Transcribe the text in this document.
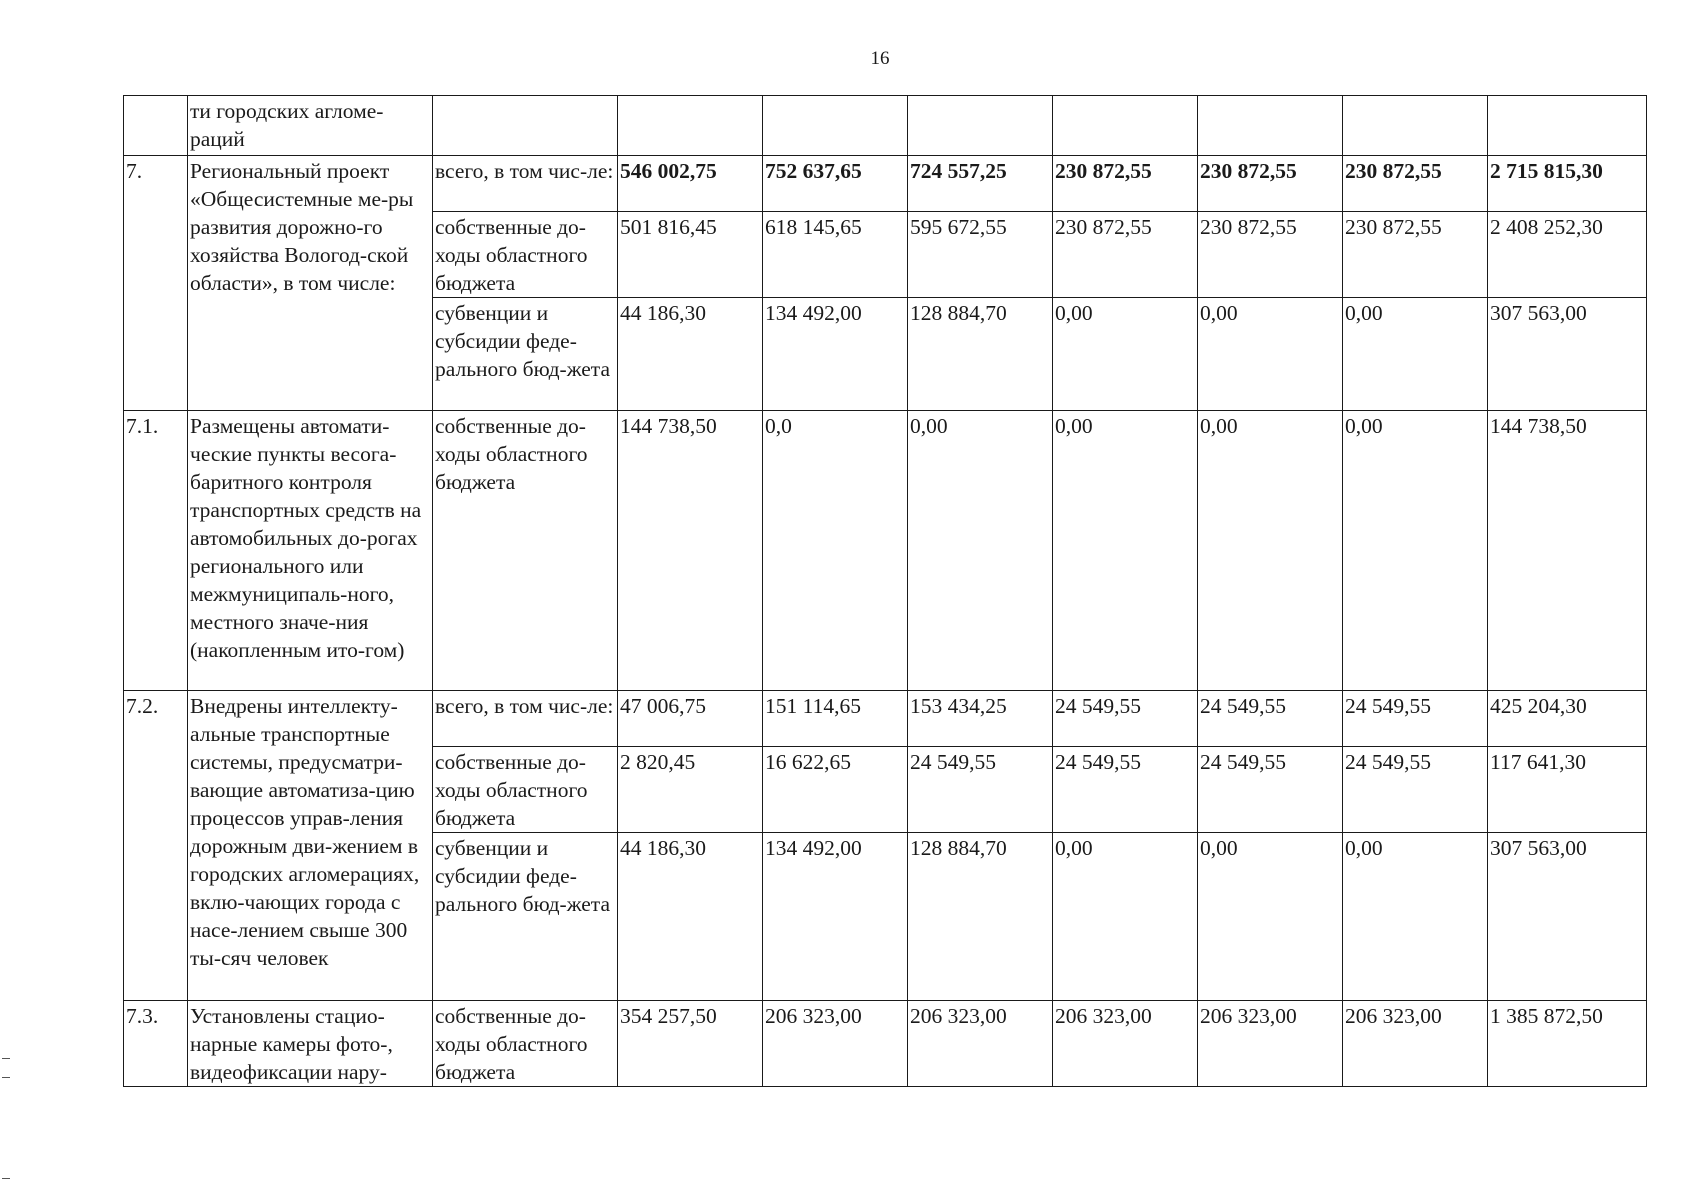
16
	ти городских агломе-раций								
7.	Региональный проект «Общесистемные ме-ры развития дорожно-го хозяйства Вологод-ской области», в том числе:	всего, в том чис-ле:	546 002,75	752 637,65	724 557,25	230 872,55	230 872,55	230 872,55	2 715 815,30
		собственные до-ходы областного бюджета	501 816,45	618 145,65	595 672,55	230 872,55	230 872,55	230 872,55	2 408 252,30
		субвенции и субсидии феде-рального бюд-жета	44 186,30	134 492,00	128 884,70	0,00	0,00	0,00	307 563,00
7.1.	Размещены автомати-ческие пункты весога-баритного контроля транспортных средств на автомобильных до-рогах регионального или межмуниципаль-ного, местного значе-ния (накопленным ито-гом)	собственные до-ходы областного бюджета	144 738,50	0,0	0,00	0,00	0,00	0,00	144 738,50
7.2.	Внедрены интеллекту-альные транспортные системы, предусматри-вающие автоматиза-цию процессов управ-ления дорожным дви-жением в городских агломерациях, вклю-чающих города с насе-лением свыше 300 ты-сяч человек	всего, в том чис-ле:	47 006,75	151 114,65	153 434,25	24 549,55	24 549,55	24 549,55	425 204,30
		собственные до-ходы областного бюджета	2 820,45	16 622,65	24 549,55	24 549,55	24 549,55	24 549,55	117 641,30
		субвенции и субсидии феде-рального бюд-жета	44 186,30	134 492,00	128 884,70	0,00	0,00	0,00	307 563,00
7.3.	Установлены стацио-нарные камеры фото-, видеофиксации нару-	собственные до-ходы областного бюджета	354 257,50	206 323,00	206 323,00	206 323,00	206 323,00	206 323,00	1 385 872,50
